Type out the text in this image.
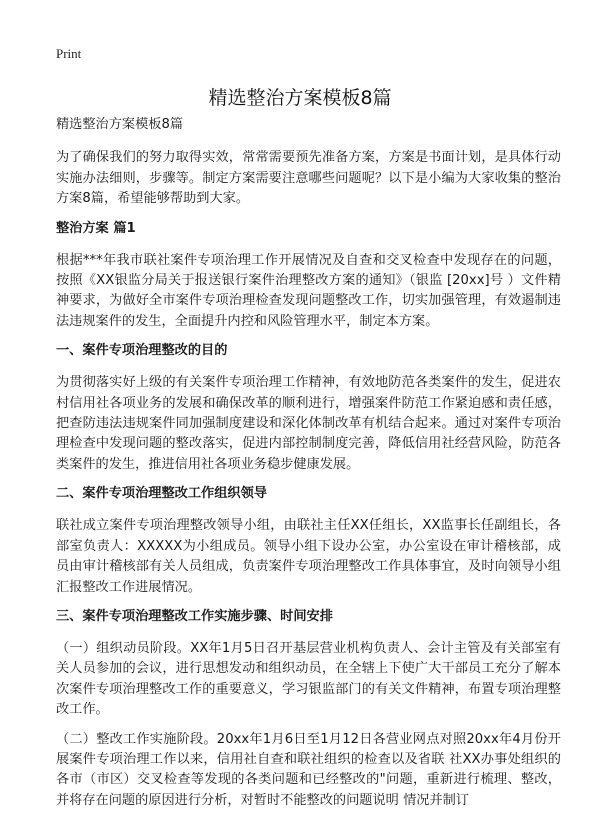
Print
精选整治方案模板8篇

精选整治方案模板8篇

为了确保我们的努力取得实效，常常需要预先准备方案，方案是书面计划，是具体行动实施办法细则，步骤等。制定方案需要注意哪些问题呢？以下是小编为大家收集的整治方案8篇，希望能够帮助到大家。

整治方案 篇1

根据***年我市联社案件专项治理工作开展情况及自查和交叉检查中发现存在的问题，按照《XX银监分局关于报送银行案件治理整改方案的通知》（银监 [20xx]号 ）文件精神要求，为做好全市案件专项治理检查发现问题整改工作，切实加强管理，有效遏制违法违规案件的发生，全面提升内控和风险管理水平，制定本方案。

一、案件专项治理整改的目的

为贯彻落实好上级的有关案件专项治理工作精神，有效地防范各类案件的发生，促进农村信用社各项业务的发展和确保改革的顺利进行，增强案件防范工作紧迫感和责任感，把查防违法违规案件同加强制度建设和深化体制改革有机结合起来。通过对案件专项治理检查中发现问题的整改落实，促进内部控制制度完善，降低信用社经营风险，防范各类案件的发生，推进信用社各项业务稳步健康发展。

二、案件专项治理整改工作组织领导

联社成立案件专项治理整改领导小组，由联社主任XX任组长，XX监事长任副组长，各部室负责人：XXXXX为小组成员。领导小组下设办公室，办公室设在审计稽核部，成员由审计稽核部有关人员组成，负责案件专项治理整改工作具体事宜，及时向领导小组汇报整改工作进展情况。

三、案件专项治理整改工作实施步骤、时间安排

（一）组织动员阶段。XX年1月5日召开基层营业机构负责人、会计主管及有关部室有关人员参加的会议，进行思想发动和组织动员，在全辖上下使广大干部员工充分了解本次案件专项治理整改工作的重要意义，学习银监部门的有关文件精神，布置专项治理整改工作。

（二）整改工作实施阶段。20xx年1月6日至1月12日各营业网点对照20xx年4月份开展案件专项治理工作以来，信用社自查和联社组织的检查以及省联 社XX办事处组织的各市（市区）交叉检查等发现的各类问题和已经整改的"问题，重新进行梳理、整改，并将存在问题的原因进行分析，对暂时不能整改的问题说明 情况并制订
